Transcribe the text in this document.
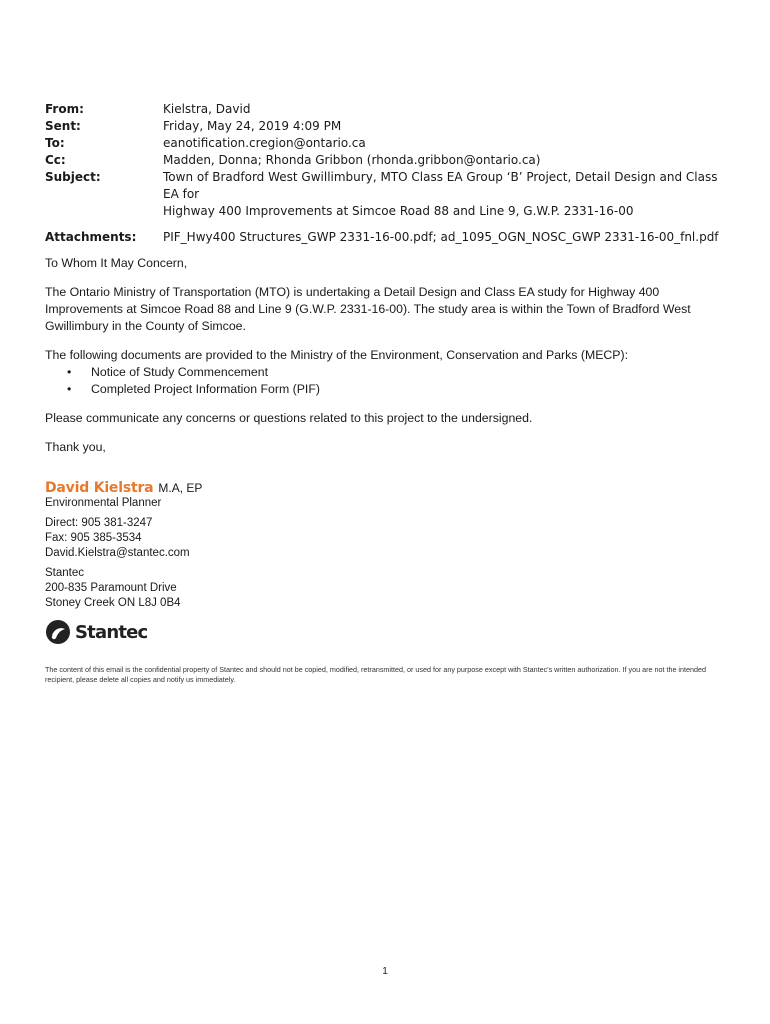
From:	Kielstra, David
Sent:	Friday, May 24, 2019 4:09 PM
To:	eanotification.cregion@ontario.ca
Cc:	Madden, Donna; Rhonda Gribbon (rhonda.gribbon@ontario.ca)
Subject:	Town of Bradford West Gwillimbury, MTO Class EA Group ‘B’ Project, Detail Design and Class EA for
Highway 400 Improvements at Simcoe Road 88 and Line 9, G.W.P. 2331-16-00
Attachments:	PIF_Hwy400 Structures_GWP 2331-16-00.pdf; ad_1095_OGN_NOSC_GWP 2331-16-00_fnl.pdf

To Whom It May Concern,

The Ontario Ministry of Transportation (MTO) is undertaking a Detail Design and Class EA study for Highway 400 Improvements at Simcoe Road 88 and Line 9 (G.W.P. 2331-16-00). The study area is within the Town of Bradford West Gwillimbury in the County of Simcoe.

The following documents are provided to the Ministry of the Environment, Conservation and Parks (MECP):

• Notice of Study Commencement
• Completed Project Information Form (PIF)

Please communicate any concerns or questions related to this project to the undersigned.

Thank you,

David Kielstra M.A, EP
Environmental Planner
Direct: 905 381-3247
Fax: 905 385-3534
David.Kielstra@stantec.com
Stantec
200-835 Paramount Drive
Stoney Creek ON L8J 0B4
Stantec
The content of this email is the confidential property of Stantec and should not be copied, modified, retransmitted, or used for any purpose except with Stantec's written authorization. If you are not the intended recipient, please delete all copies and notify us immediately.
1
